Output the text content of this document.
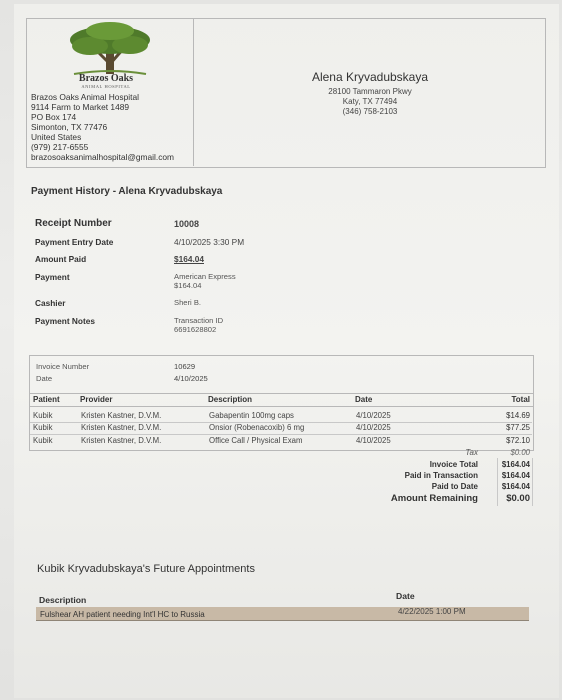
Brazos Oaks
ANIMAL HOSPITAL
Brazos Oaks Animal Hospital
9114 Farm to Market 1489
PO Box 174
Simonton, TX 77476
United States
(979) 217-6555
brazosoaksanimalhospital@gmail.com
Alena Kryvadubskaya
28100 Tammaron Pkwy
Katy, TX 77494
(346) 758-2103
Payment History - Alena Kryvadubskaya
Receipt Number	10008
Payment Entry Date	4/10/2025 3:30 PM
Amount Paid	$164.04
Payment	American Express
$164.04
Cashier	Sheri B.
Payment Notes	Transaction ID
6691628802
Invoice Number	10629
Date	4/10/2025
Patient	Provider	Description	Date	Total
Kubik	Kristen Kastner, D.V.M.	Gabapentin 100mg caps	4/10/2025	$14.69
Kubik	Kristen Kastner, D.V.M.	Onsior (Robenacoxib) 6 mg	4/10/2025	$77.25
Kubik	Kristen Kastner, D.V.M.	Office Call / Physical Exam	4/10/2025	$72.10
Tax	$0.00
Invoice Total	$164.04
Paid in Transaction	$164.04
Paid to Date	$164.04
Amount Remaining	$0.00
Kubik Kryvadubskaya's Future Appointments
Description	Date
Fulshear AH patient needing Int'l HC to Russia	4/22/2025 1:00 PM
